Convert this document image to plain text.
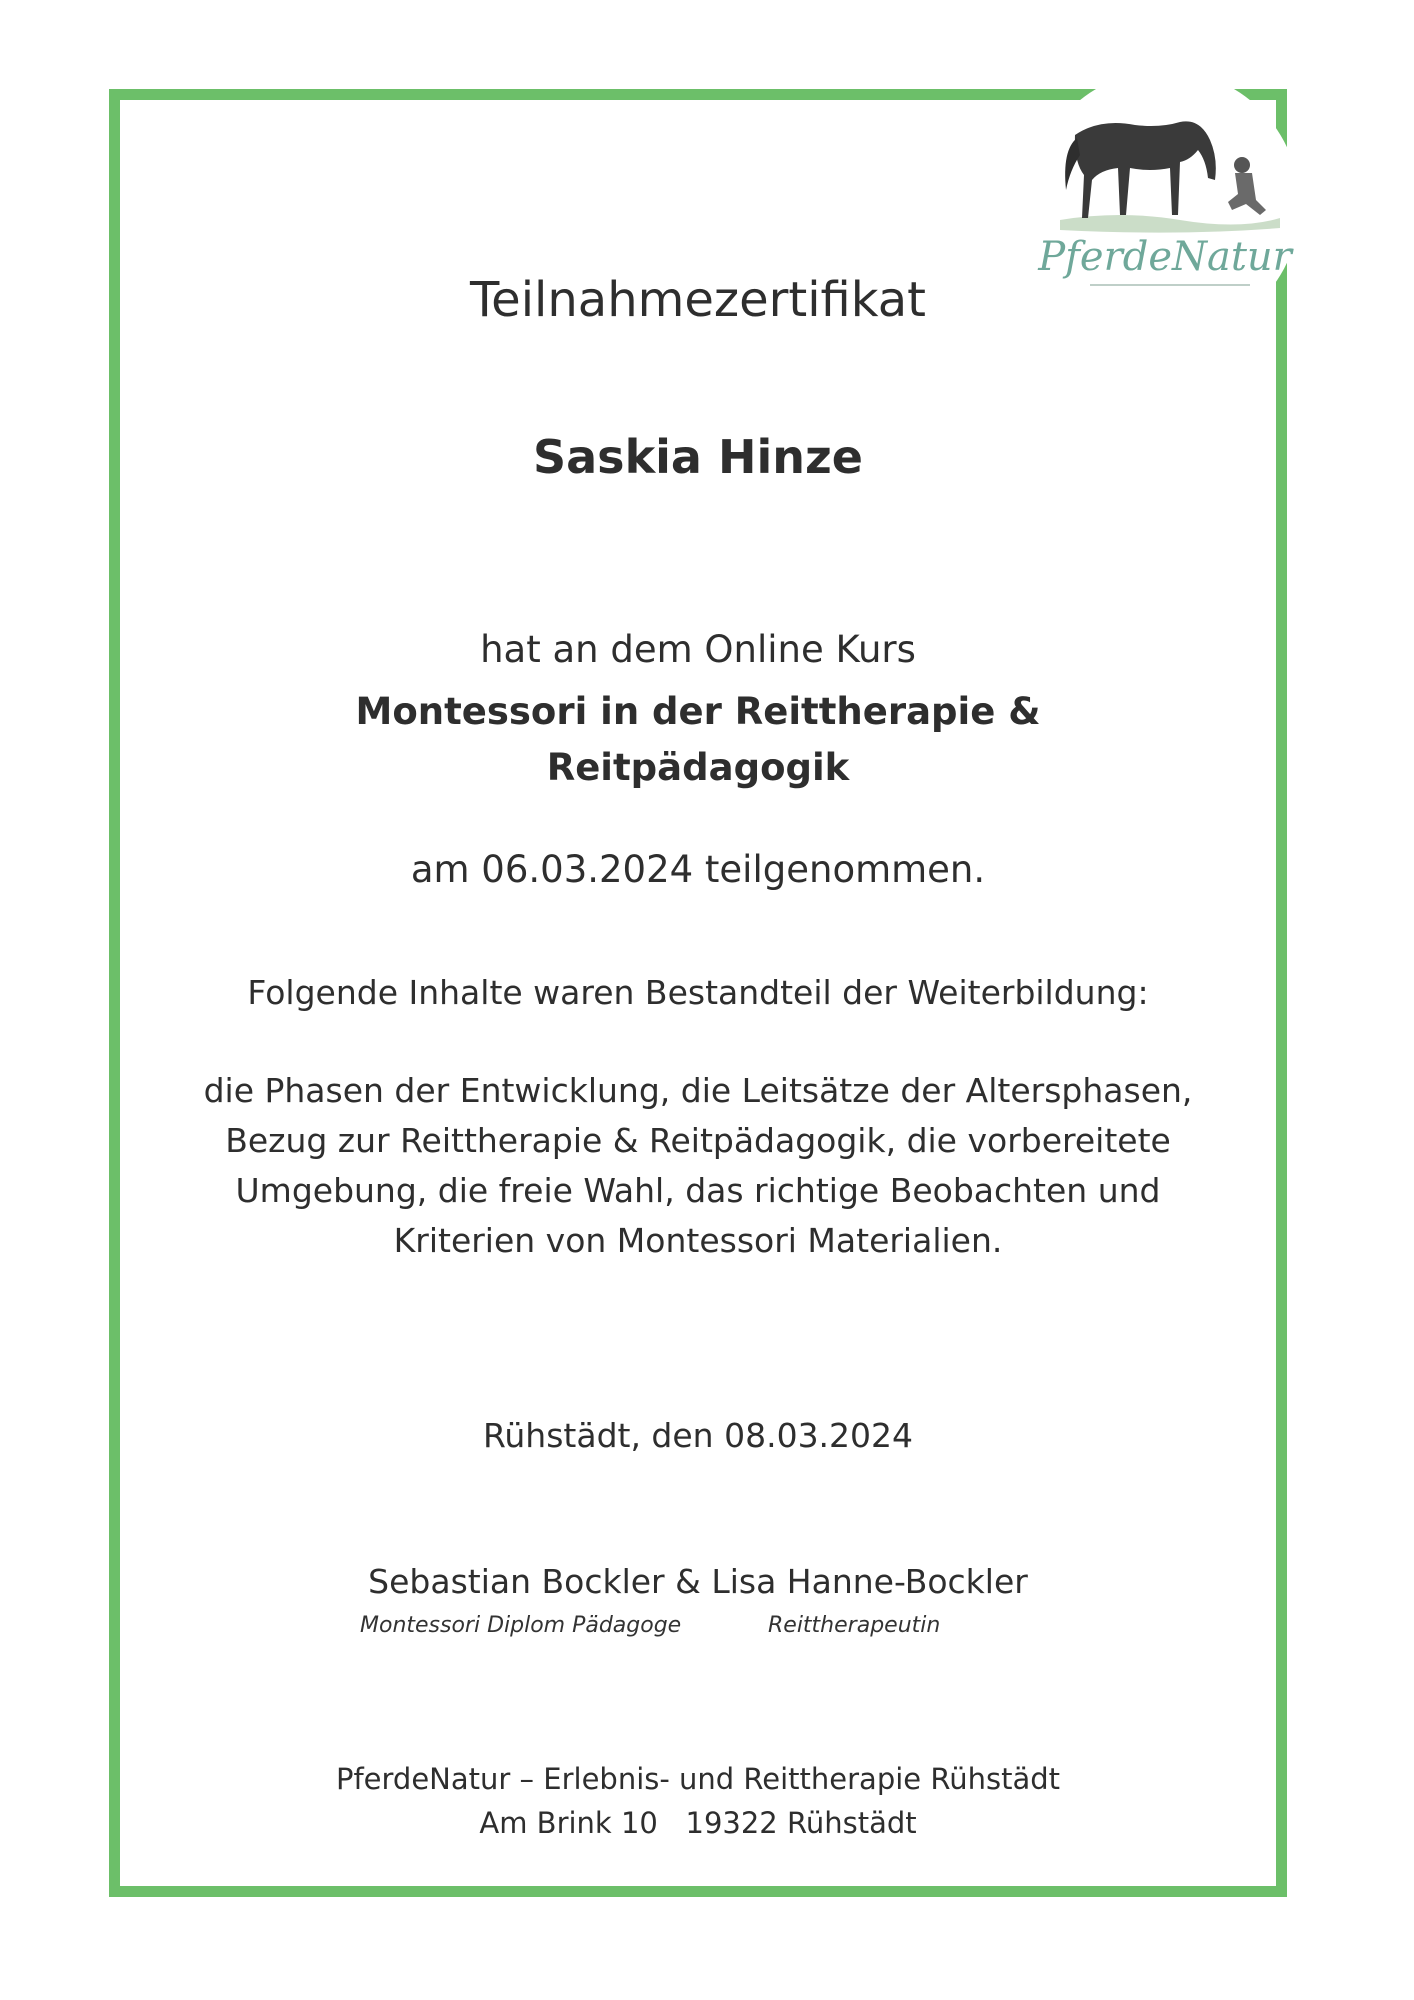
PferdeNatur
Teilnahmezertifikat
Saskia Hinze
hat an dem Online Kurs
Montessori in der Reittherapie &
Reitpädagogik
am 06.03.2024 teilgenommen.
Folgende Inhalte waren Bestandteil der Weiterbildung:
die Phasen der Entwicklung, die Leitsätze der Altersphasen,
Bezug zur Reittherapie & Reitpädagogik, die vorbereitete
Umgebung, die freie Wahl, das richtige Beobachten und
Kriterien von Montessori Materialien.
Rühstädt, den 08.03.2024
Sebastian Bockler & Lisa Hanne-Bockler
Montessori Diplom Pädagoge	Reittherapeutin
PferdeNatur – Erlebnis- und Reittherapie Rühstädt
Am Brink 10   19322 Rühstädt
